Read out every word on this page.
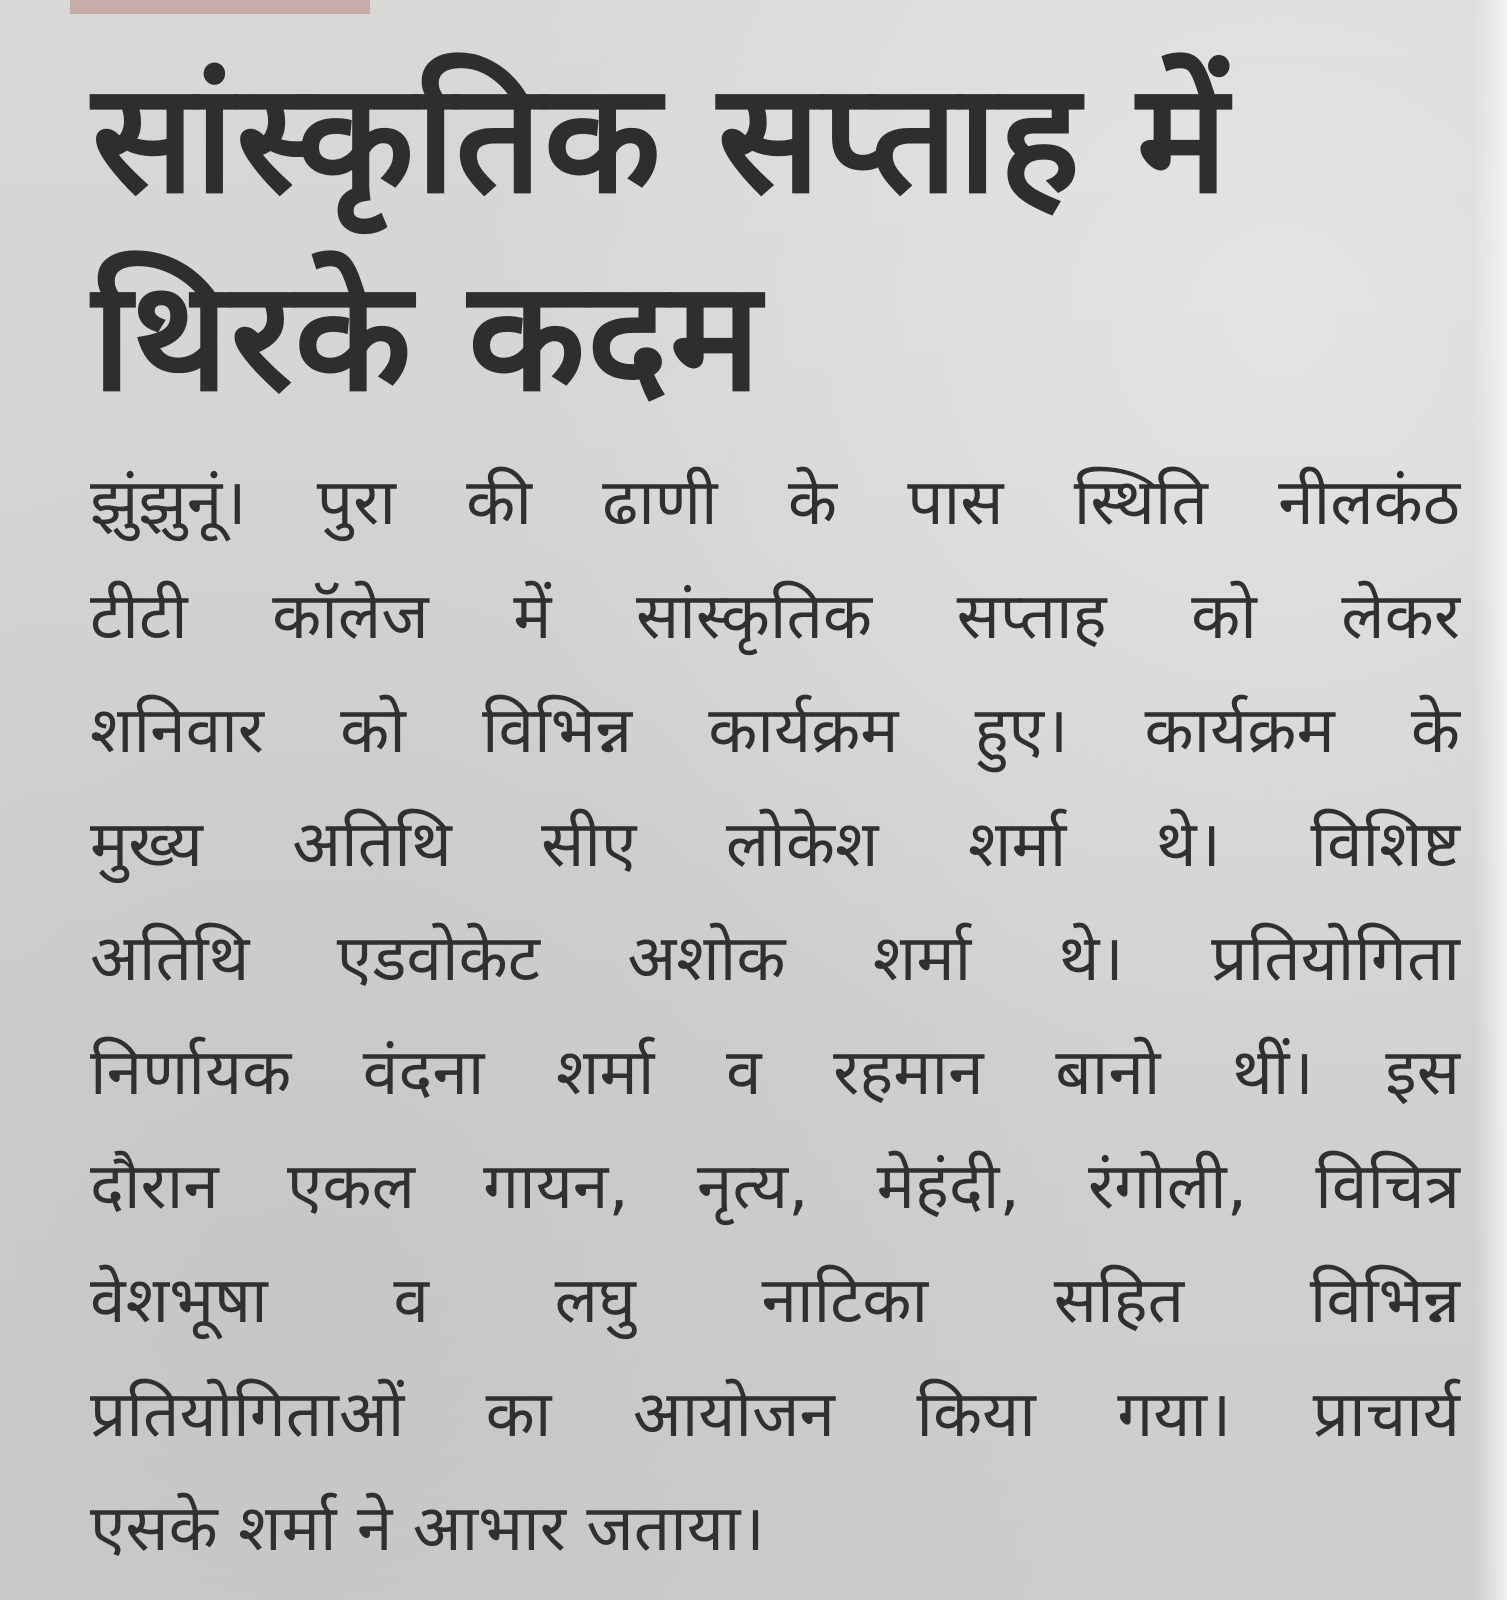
सांस्कृतिक सप्ताह में
थिरके कदम
झुंझुनूं। पुरा की ढाणी के पास स्थिति नीलकंठ
टीटी कॉलेज में सांस्कृतिक सप्ताह को लेकर
शनिवार को विभिन्न कार्यक्रम हुए। कार्यक्रम के
मुख्य अतिथि सीए लोकेश शर्मा थे। विशिष्ट
अतिथि एडवोकेट अशोक शर्मा थे। प्रतियोगिता
निर्णायक वंदना शर्मा व रहमान बानो थीं। इस
दौरान एकल गायन, नृत्य, मेहंदी, रंगोली, विचित्र
वेशभूषा व लघु नाटिका सहित विभिन्न
प्रतियोगिताओं का आयोजन किया गया। प्राचार्य
एसके शर्मा ने आभार जताया।
